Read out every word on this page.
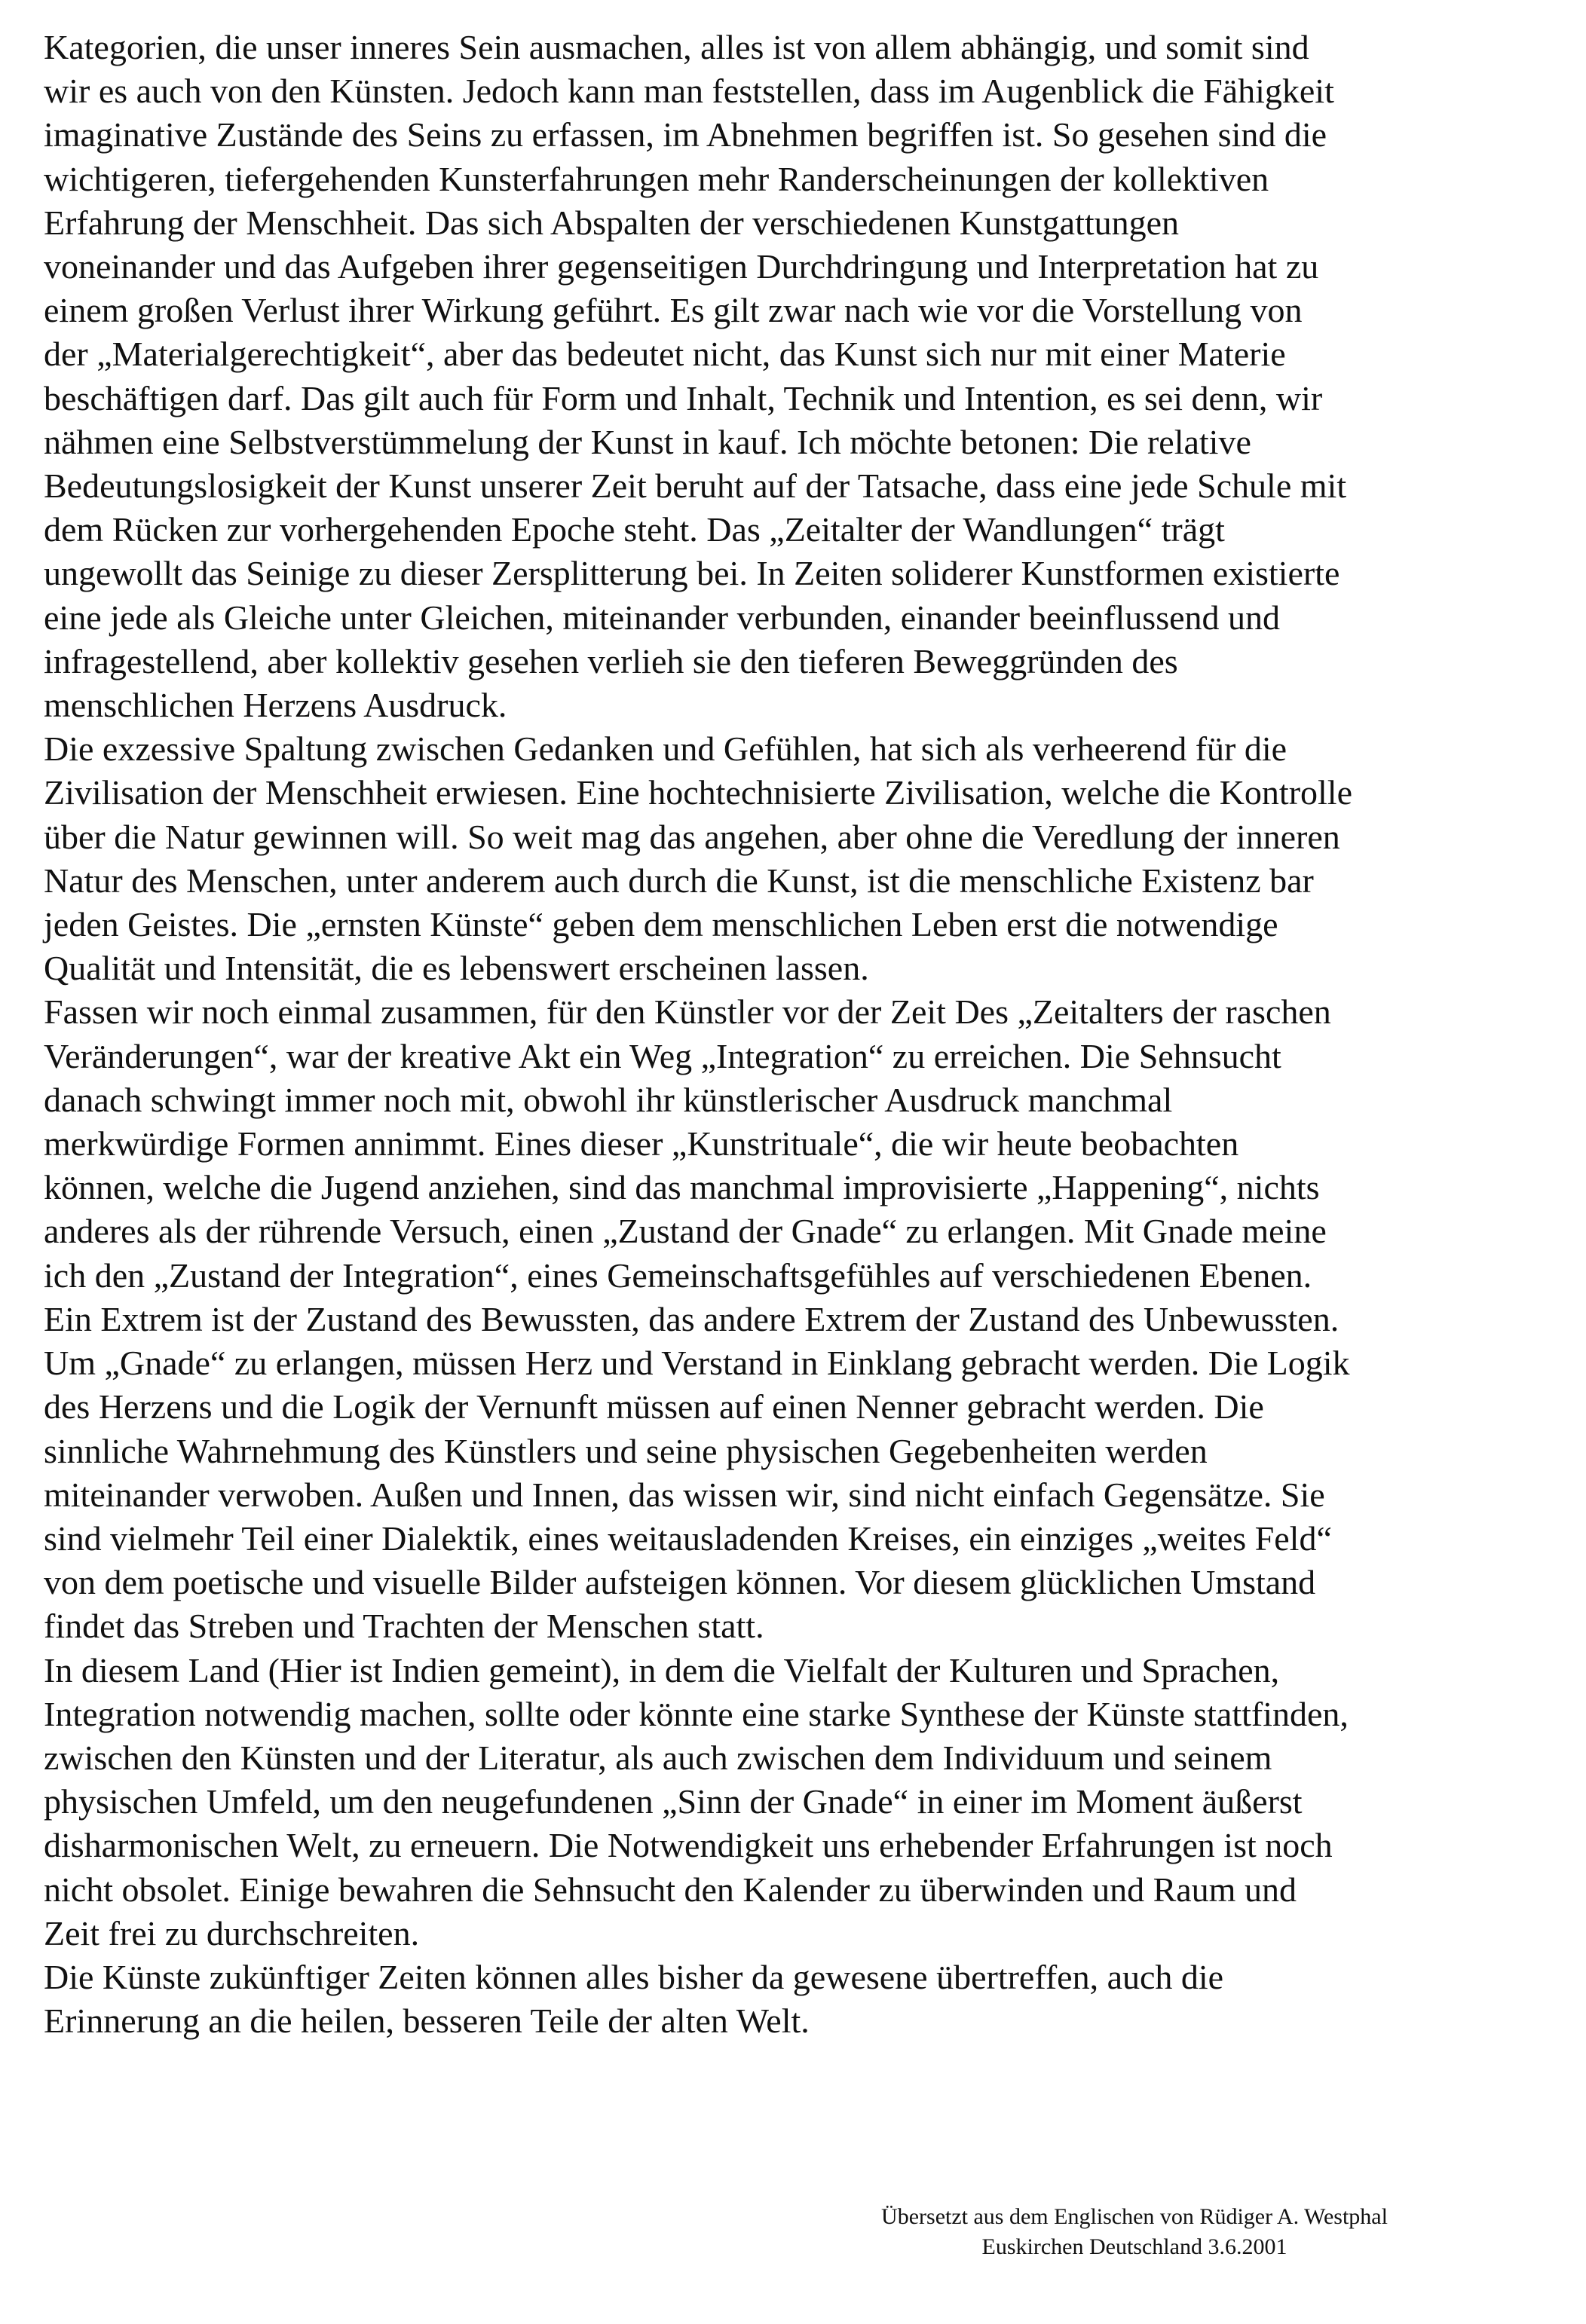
Kategorien, die unser inneres Sein ausmachen, alles ist von allem abhängig, und somit sind
wir es auch von den Künsten. Jedoch kann man feststellen, dass im Augenblick die Fähigkeit
imaginative Zustände des Seins zu erfassen, im Abnehmen begriffen ist. So gesehen sind die
wichtigeren, tiefergehenden Kunsterfahrungen mehr Randerscheinungen der kollektiven
Erfahrung der Menschheit. Das sich Abspalten der verschiedenen Kunstgattungen
voneinander und das Aufgeben ihrer gegenseitigen Durchdringung und Interpretation hat zu
einem großen Verlust ihrer Wirkung geführt. Es gilt zwar nach wie vor die Vorstellung von
der „Materialgerechtigkeit“, aber das bedeutet nicht, das Kunst sich nur mit einer Materie
beschäftigen darf. Das gilt auch für Form und Inhalt, Technik und Intention, es sei denn, wir
nähmen eine Selbstverstümmelung der Kunst in kauf. Ich möchte betonen: Die relative
Bedeutungslosigkeit der Kunst unserer Zeit beruht auf der Tatsache, dass eine jede Schule mit
dem Rücken zur vorhergehenden Epoche steht. Das „Zeitalter der Wandlungen“ trägt
ungewollt das Seinige zu dieser Zersplitterung bei. In Zeiten soliderer Kunstformen existierte
eine jede als Gleiche unter Gleichen, miteinander verbunden, einander beeinflussend und
infragestellend, aber kollektiv gesehen verlieh sie den tieferen Beweggründen des
menschlichen Herzens Ausdruck.
Die exzessive Spaltung zwischen Gedanken und Gefühlen, hat sich als verheerend für die
Zivilisation der Menschheit erwiesen. Eine hochtechnisierte Zivilisation, welche die Kontrolle
über die Natur gewinnen will. So weit mag das angehen, aber ohne die Veredlung der inneren
Natur des Menschen, unter anderem auch durch die Kunst, ist die menschliche Existenz bar
jeden Geistes. Die „ernsten Künste“ geben dem menschlichen Leben erst die notwendige
Qualität und Intensität, die es lebenswert erscheinen lassen.
Fassen wir noch einmal zusammen, für den Künstler vor der Zeit Des „Zeitalters der raschen
Veränderungen“, war der kreative Akt ein Weg „Integration“ zu erreichen. Die Sehnsucht
danach schwingt immer noch mit, obwohl ihr künstlerischer Ausdruck manchmal
merkwürdige Formen annimmt. Eines dieser „Kunstrituale“, die wir heute beobachten
können, welche die Jugend anziehen, sind das manchmal improvisierte „Happening“, nichts
anderes als der rührende Versuch, einen „Zustand der Gnade“ zu erlangen. Mit Gnade meine
ich den „Zustand der Integration“, eines Gemeinschaftsgefühles auf verschiedenen Ebenen.
Ein Extrem ist der Zustand des Bewussten, das andere Extrem der Zustand des Unbewussten.
Um „Gnade“ zu erlangen, müssen Herz und Verstand in Einklang gebracht werden. Die Logik
des Herzens und die Logik der Vernunft müssen auf einen Nenner gebracht werden. Die
sinnliche Wahrnehmung des Künstlers und seine physischen Gegebenheiten werden
miteinander verwoben. Außen und Innen, das wissen wir, sind nicht einfach Gegensätze. Sie
sind vielmehr Teil einer Dialektik, eines weitausladenden Kreises, ein einziges „weites Feld“
von dem poetische und visuelle Bilder aufsteigen können. Vor diesem glücklichen Umstand
findet das Streben und Trachten der Menschen statt.
In diesem Land (Hier ist Indien gemeint), in dem die Vielfalt der Kulturen und Sprachen,
Integration notwendig machen, sollte oder könnte eine starke Synthese der Künste stattfinden,
zwischen den Künsten und der Literatur, als auch zwischen dem Individuum und seinem
physischen Umfeld, um den neugefundenen „Sinn der Gnade“ in einer im Moment äußerst
disharmonischen Welt, zu erneuern. Die Notwendigkeit uns erhebender Erfahrungen ist noch
nicht obsolet. Einige bewahren die Sehnsucht den Kalender zu überwinden und Raum und
Zeit frei zu durchschreiten.
Die Künste zukünftiger Zeiten können alles bisher da gewesene übertreffen, auch die
Erinnerung an die heilen, besseren Teile der alten Welt.
Übersetzt aus dem Englischen von Rüdiger A. Westphal
Euskirchen Deutschland 3.6.2001
